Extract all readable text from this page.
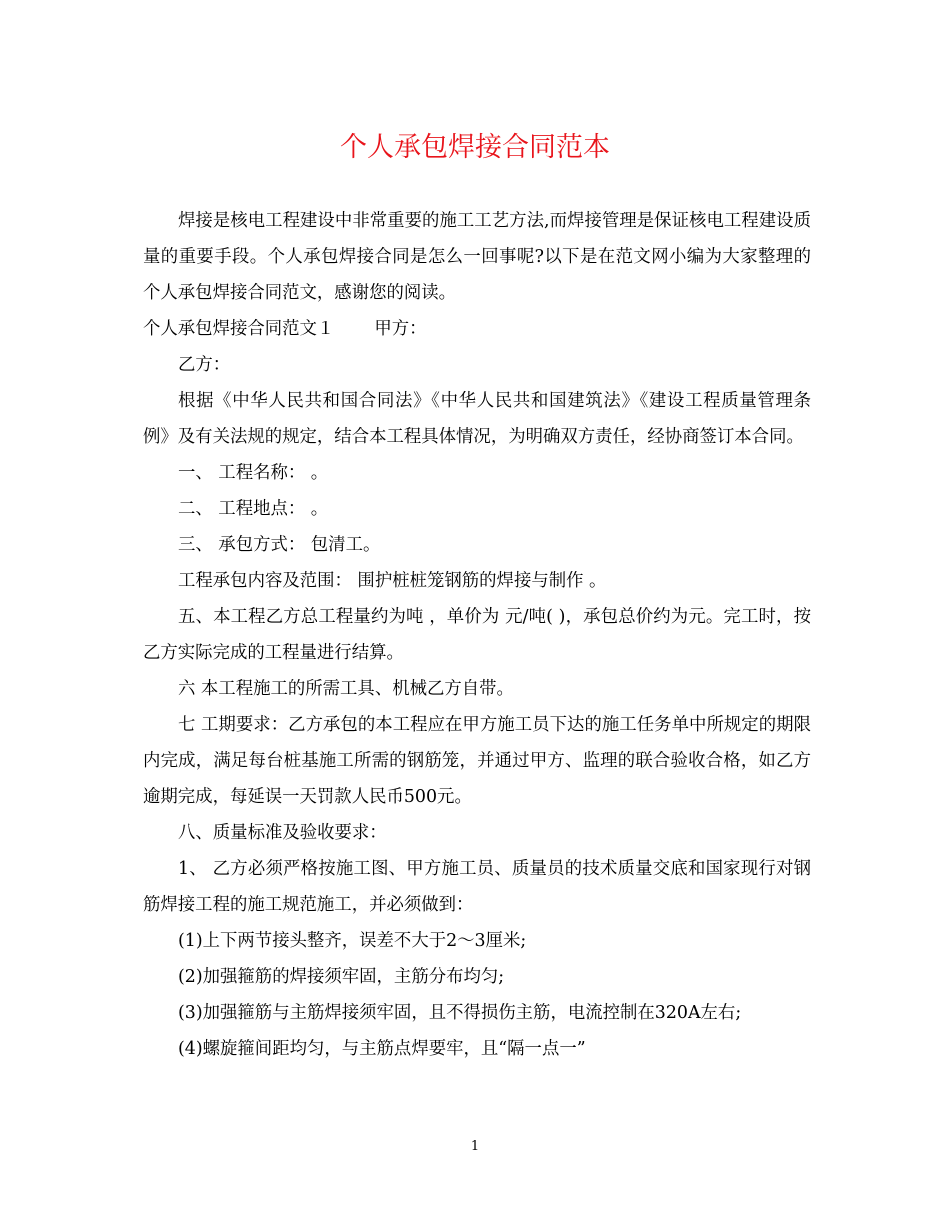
个人承包焊接合同范本

焊接是核电工程建设中非常重要的施工工艺方法,而焊接管理是保证核电工程建设质量的重要手段。个人承包焊接合同是怎么一回事呢?以下是在范文网小编为大家整理的个人承包焊接合同范文，感谢您的阅读。

个人承包焊接合同范文１ 甲方：

乙方：

根据《中华人民共和国合同法》《中华人民共和国建筑法》《建设工程质量管理条例》及有关法规的规定，结合本工程具体情况，为明确双方责任，经协商签订本合同。

一、 工程名称： 。

二、 工程地点： 。

三、 承包方式： 包清工。

工程承包内容及范围： 围护桩桩笼钢筋的焊接与制作 。

五、本工程乙方总工程量约为吨 ，单价为 元/吨( )，承包总价约为元。完工时，按乙方实际完成的工程量进行结算。

六 本工程施工的所需工具、机械乙方自带。

七 工期要求：乙方承包的本工程应在甲方施工员下达的施工任务单中所规定的期限内完成，满足每台桩基施工所需的钢筋笼，并通过甲方、监理的联合验收合格，如乙方逾期完成，每延误一天罚款人民币500元。

八、质量标准及验收要求：

1、 乙方必须严格按施工图、甲方施工员、质量员的技术质量交底和国家现行对钢筋焊接工程的施工规范施工，并必须做到：

(1)上下两节接头整齐，误差不大于2～3厘米;

(2)加强箍筋的焊接须牢固，主筋分布均匀;

(3)加强箍筋与主筋焊接须牢固，且不得损伤主筋，电流控制在320A左右;

(4)螺旋箍间距均匀，与主筋点焊要牢，且“隔一点一”

1
